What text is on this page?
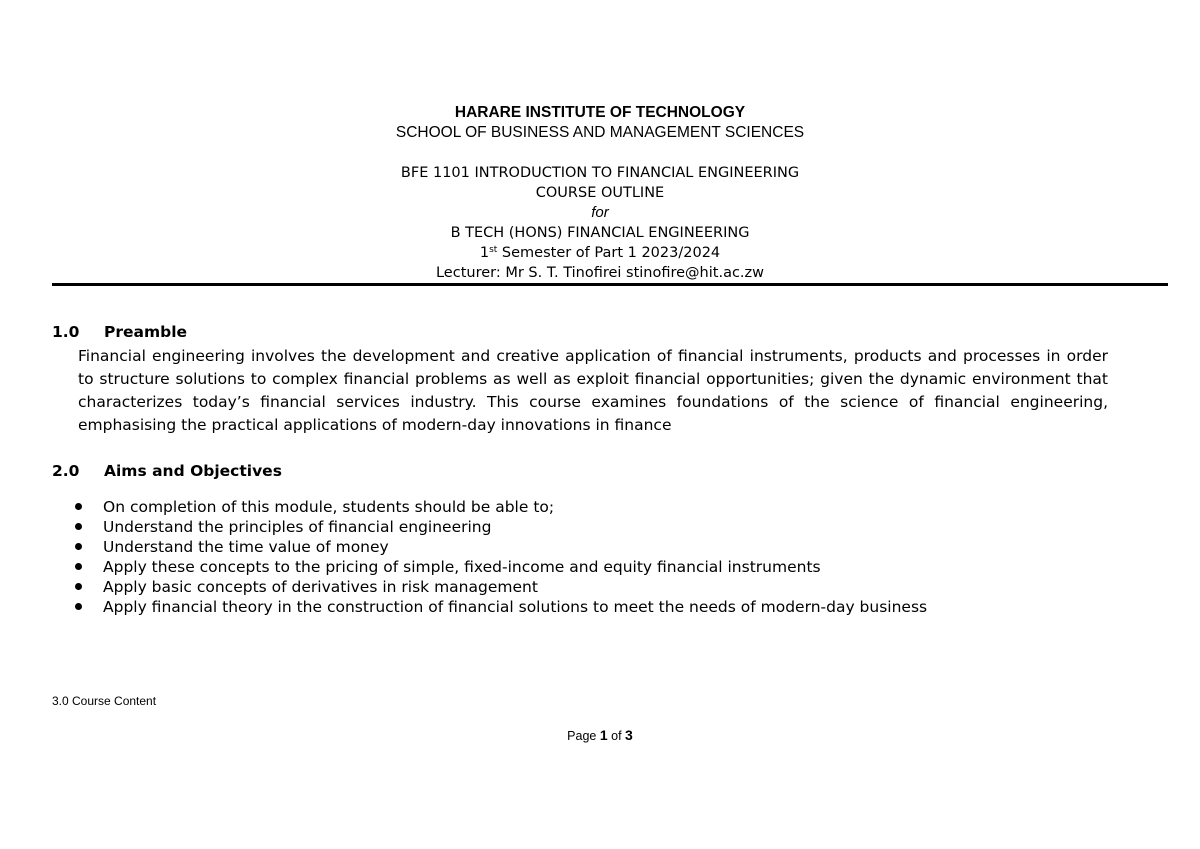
HARARE INSTITUTE OF TECHNOLOGY
SCHOOL OF BUSINESS AND MANAGEMENT SCIENCES
BFE 1101 INTRODUCTION TO FINANCIAL ENGINEERING
COURSE OUTLINE
for
B TECH (HONS) FINANCIAL ENGINEERING
1st Semester of Part 1 2023/2024
Lecturer: Mr S. T. Tinofirei stinofire@hit.ac.zw
1.0 Preamble
Financial engineering involves the development and creative application of financial instruments, products and processes in order to structure solutions to complex financial problems as well as exploit financial opportunities; given the dynamic environment that characterizes today’s financial services industry. This course examines foundations of the science of financial engineering, emphasising the practical applications of modern-day innovations in finance
2.0 Aims and Objectives
On completion of this module, students should be able to;
Understand the principles of financial engineering
Understand the time value of money
Apply these concepts to the pricing of simple, fixed-income and equity financial instruments
Apply basic concepts of derivatives in risk management
Apply financial theory in the construction of financial solutions to meet the needs of modern-day business
3.0 Course Content
Page 1 of 3
